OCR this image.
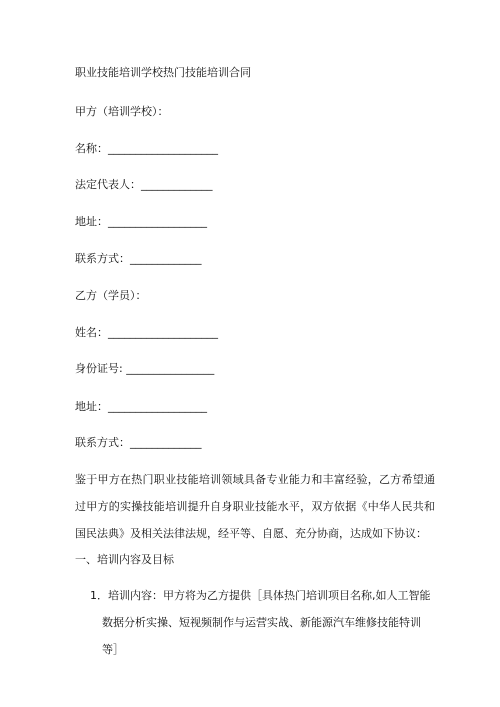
职业技能培训学校热门技能培训合同
甲方（培训学校）：
名称：____________________
法定代表人：_____________
地址：__________________
联系方式：_____________
乙方（学员）：
姓名：____________________
身份证号: ________________
地址：__________________
联系方式：_____________
鉴于甲方在热门职业技能培训领域具备专业能力和丰富经验，乙方希望通过甲方的实操技能培训提升自身职业技能水平，双方依据《中华人民共和国民法典》及相关法律法规，经平等、自愿、充分协商，达成如下协议：
一、培训内容及目标
1．培训内容：甲方将为乙方提供［具体热门培训项目名称,如人工智能
数据分析实操、短视频制作与运营实战、新能源汽车维修技能特训等］
